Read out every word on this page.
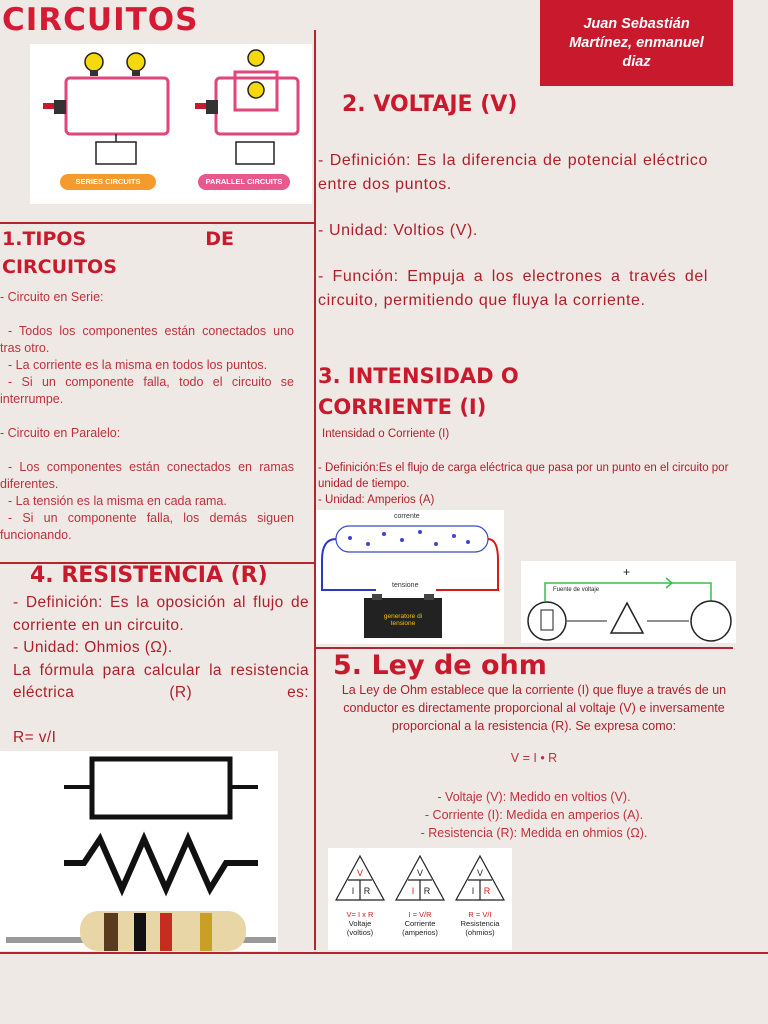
CIRCUITOS	Juan Sebastián
Martínez, enmanuel
diaz
SERIES CIRCUITS	PARALLEL CIRCUITS
1.TIPOS	DE
CIRCUITOS
- Circuito en Serie:
- Todos los componentes están conectados uno tras otro.
- La corriente es la misma en todos los puntos.
- Si un componente falla, todo el circuito se interrumpe.
- Circuito en Paralelo:
- Los componentes están conectados en ramas diferentes.
- La tensión es la misma en cada rama.
- Si un componente falla, los demás siguen funcionando.
2. VOLTAJE (V)
- Definición: Es la diferencia de potencial eléctrico entre dos puntos.
- Unidad: Voltios (V).
- Función: Empuja a los electrones a través del circuito, permitiendo que fluya la corriente.
3. INTENSIDAD O
CORRIENTE (I)
Intensidad o Corriente (I)
- Definición:Es el flujo de carga eléctrica que pasa por un punto en el circuito por unidad de tiempo.
- Unidad: Amperios (A)
corrente
tensione
generatore di tensione
Fuente de voltaje
+
4. RESISTENCIA (R)
- Definición: Es la oposición al flujo de corriente en un circuito.
- Unidad: Ohmios (Ω).
La fórmula para calcular la resistencia eléctrica (R) es:
R= v/I
5. Ley de ohm
La Ley de Ohm establece que la corriente (I) que fluye a través de un conductor es directamente proporcional al voltaje (V) e inversamente proporcional a la resistencia (R). Se expresa como:
V = I • R
- Voltaje (V): Medido en voltios (V).
- Corriente (I): Medida en amperios (A).
- Resistencia (R): Medida en ohmios (Ω).
V
I R
V
I R
V
I R
V= I x R
Voltaje
(voltios)
I = V/R
Corriente
(amperios)
R = V/I
Resistencia
(ohmios)
